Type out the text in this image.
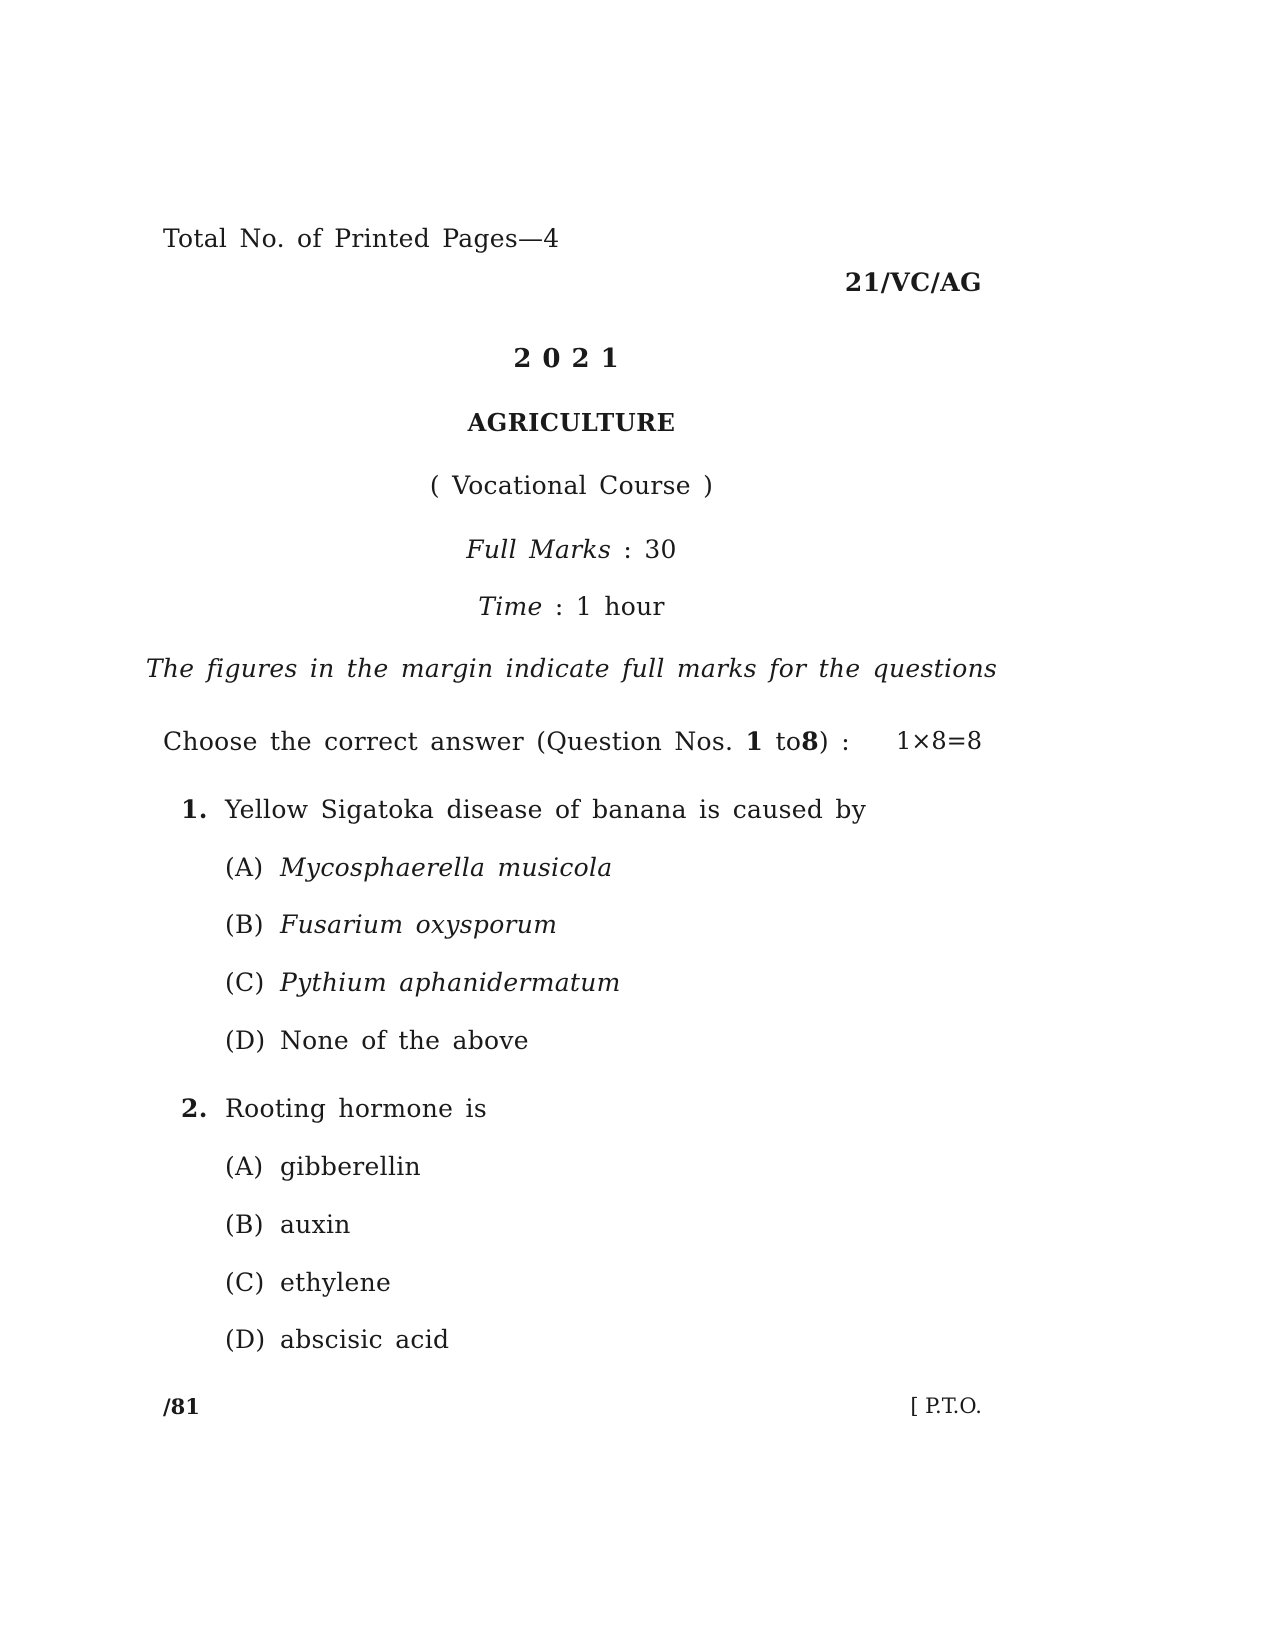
Total No. of Printed Pages—4
21/VC/AG
2021
AGRICULTURE
( Vocational Course )
Full Marks : 30
Time : 1 hour
The figures in the margin indicate full marks for the questions
Choose the correct answer (Question Nos. 1 to8) : 1×8=8
1. Yellow Sigatoka disease of banana is caused by
(A) Mycosphaerella musicola
(B) Fusarium oxysporum
(C) Pythium aphanidermatum
(D) None of the above
2. Rooting hormone is
(A) gibberellin
(B) auxin
(C) ethylene
(D) abscisic acid
/81	[ P.T.O.
